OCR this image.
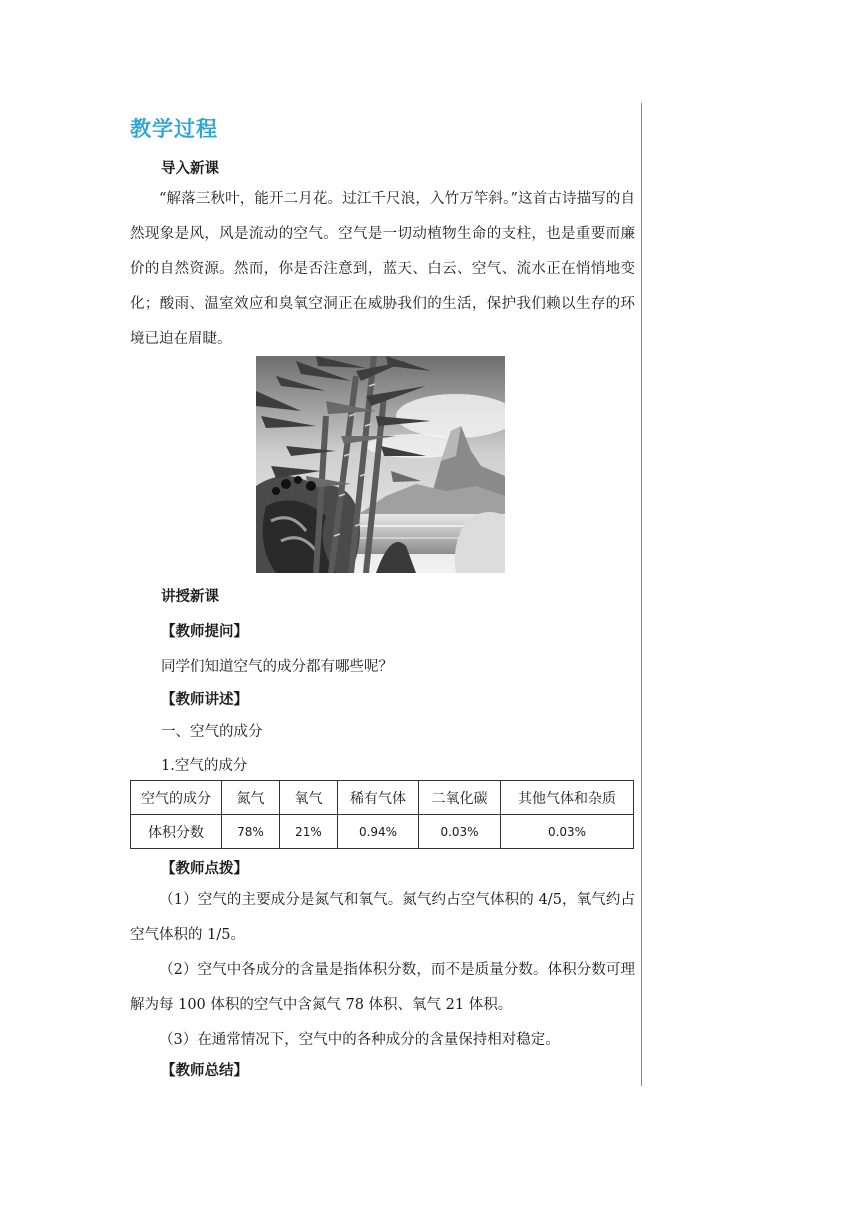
教学过程
导入新课
“解落三秋叶，能开二月花。过江千尺浪，入竹万竿斜。”这首古诗描写的自然现象是风，风是流动的空气。空气是一切动植物生命的支柱，也是重要而廉价的自然资源。然而，你是否注意到，蓝天、白云、空气、流水正在悄悄地变化；酸雨、温室效应和臭氧空洞正在威胁我们的生活，保护我们赖以生存的环境已迫在眉睫。
讲授新课
【教师提问】
同学们知道空气的成分都有哪些呢？
【教师讲述】
一、空气的成分
1.空气的成分
空气的成分	氮气	氧气	稀有气体	二氧化碳	其他气体和杂质
体积分数	78%	21%	0.94%	0.03%	0.03%
【教师点拨】
（1）空气的主要成分是氮气和氧气。氮气约占空气体积的 4/5，氧气约占空气体积的 1/5。
（2）空气中各成分的含量是指体积分数，而不是质量分数。体积分数可理解为每 100 体积的空气中含氮气 78 体积、氧气 21 体积。
（3）在通常情况下，空气中的各种成分的含量保持相对稳定。
【教师总结】
